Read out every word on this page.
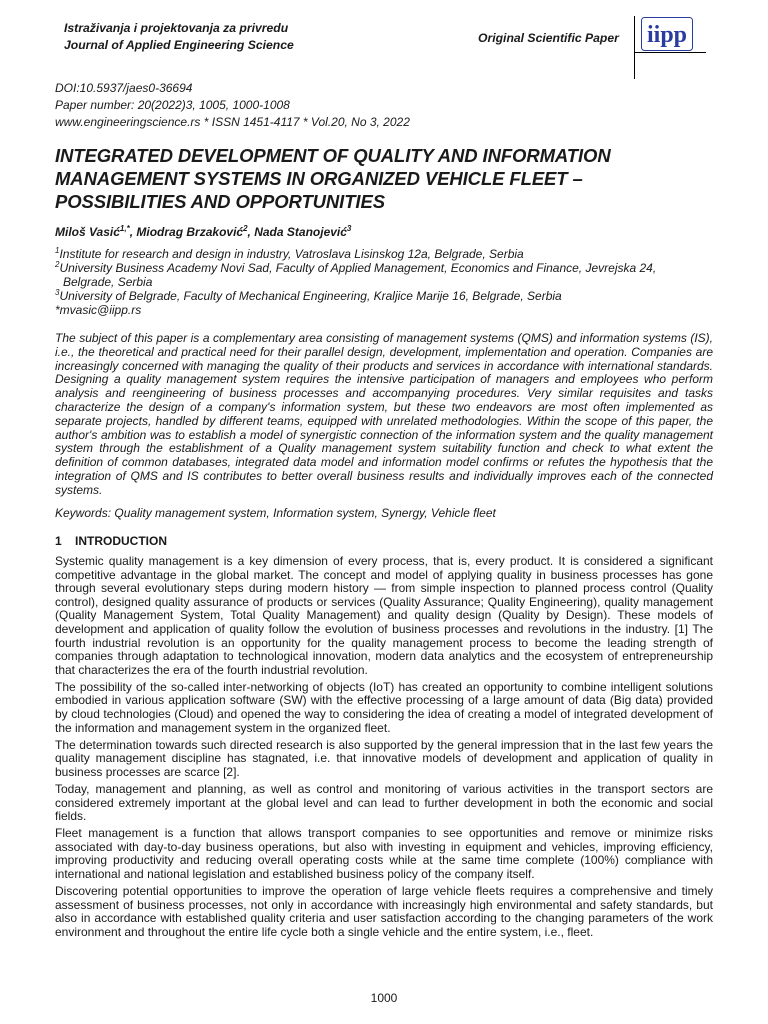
Istraživanja i projektovanja za privredu
Journal of Applied Engineering Science	Original Scientific Paper iipp
DOI:10.5937/jaes0-36694
Paper number: 20(2022)3, 1005, 1000-1008
www.engineeringscience.rs * ISSN 1451-4117 * Vol.20, No 3, 2022
INTEGRATED DEVELOPMENT OF QUALITY AND INFORMATION MANAGEMENT SYSTEMS IN ORGANIZED VEHICLE FLEET – POSSIBILITIES AND OPPORTUNITIES
Miloš Vasić$^{1,*}$, Miodrag Brzaković$^2$, Nada Stanojević$^3$
$^1$Institute for research and design in industry, Vatroslava Lisinskog 12a, Belgrade, Serbia
$^2$University Business Academy Novi Sad, Faculty of Applied Management, Economics and Finance, Jevrejska 24,
Belgrade, Serbia
$^3$University of Belgrade, Faculty of Mechanical Engineering, Kraljice Marije 16, Belgrade, Serbia
*mvasic@iipp.rs

The subject of this paper is a complementary area consisting of management systems (QMS) and information systems (IS), i.e., the theoretical and practical need for their parallel design, development, implementation and operation. Companies are increasingly concerned with managing the quality of their products and services in accordance with international standards. Designing a quality management system requires the intensive participation of managers and employees who perform analysis and reengineering of business processes and accompanying procedures. Very similar requisites and tasks characterize the design of a company's information system, but these two endeavors are most often implemented as separate projects, handled by different teams, equipped with unrelated methodologies. Within the scope of this paper, the author's ambition was to establish a model of synergistic connection of the information system and the quality management system through the establishment of a Quality management system suitability function and check to what extent the definition of common databases, integrated data model and information model confirms or refutes the hypothesis that the integration of QMS and IS contributes to better overall business results and individually improves each of the connected systems.

Keywords: Quality management system, Information system, Synergy, Vehicle fleet
1 INTRODUCTION

Systemic quality management is a key dimension of every process, that is, every product. It is considered a significant competitive advantage in the global market. The concept and model of applying quality in business processes has gone through several evolutionary steps during modern history — from simple inspection to planned process control (Quality control), designed quality assurance of products or services (Quality Assurance; Quality Engineering), quality management (Quality Management System, Total Quality Management) and quality design (Quality by Design). These models of development and application of quality follow the evolution of business processes and revolutions in the industry. [1] The fourth industrial revolution is an opportunity for the quality management process to become the leading strength of companies through adaptation to technological innovation, modern data analytics and the ecosystem of entrepreneurship that characterizes the era of the fourth industrial revolution.

The possibility of the so-called inter-networking of objects (IoT) has created an opportunity to combine intelligent solutions embodied in various application software (SW) with the effective processing of a large amount of data (Big data) provided by cloud technologies (Cloud) and opened the way to considering the idea of creating a model of integrated development of the information and management system in the organized fleet.

The determination towards such directed research is also supported by the general impression that in the last few years the quality management discipline has stagnated, i.e. that innovative models of development and application of quality in business processes are scarce [2].

Today, management and planning, as well as control and monitoring of various activities in the transport sectors are considered extremely important at the global level and can lead to further development in both the economic and social fields.

Fleet management is a function that allows transport companies to see opportunities and remove or minimize risks associated with day-to-day business operations, but also with investing in equipment and vehicles, improving efficiency, improving productivity and reducing overall operating costs while at the same time complete (100%) compliance with international and national legislation and established business policy of the company itself.

Discovering potential opportunities to improve the operation of large vehicle fleets requires a comprehensive and timely assessment of business processes, not only in accordance with increasingly high environmental and safety standards, but also in accordance with established quality criteria and user satisfaction according to the changing parameters of the work environment and throughout the entire life cycle both a single vehicle and the entire system, i.e., fleet.

1000
